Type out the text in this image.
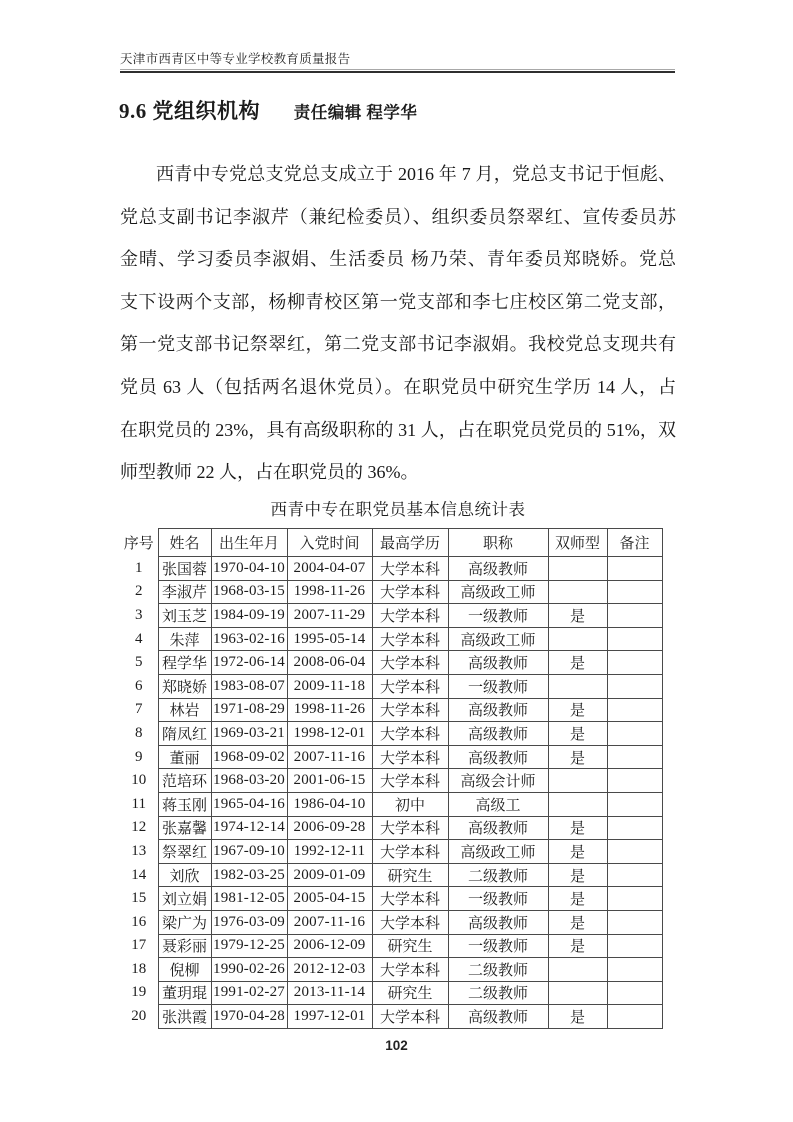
天津市西青区中等专业学校教育质量报告
9.6 党组织机构 责任编辑 程学华
西青中专党总支党总支成立于 2016 年 7 月，党总支书记于恒彪、
党总支副书记李淑芹（兼纪检委员）、组织委员祭翠红、宣传委员苏
金晴、学习委员李淑娟、生活委员 杨乃荣、青年委员郑晓娇。党总
支下设两个支部，杨柳青校区第一党支部和李七庄校区第二党支部，
第一党支部书记祭翠红，第二党支部书记李淑娟。我校党总支现共有
党员 63 人（包括两名退休党员）。在职党员中研究生学历 14 人，占
在职党员的 23%，具有高级职称的 31 人，占在职党员党员的 51%，双
师型教师 22 人，占在职党员的 36%。
西青中专在职党员基本信息统计表
序号	姓名	出生年月	入党时间	最高学历	职称	双师型	备注
1	张国蓉	1970-04-10	2004-04-07	大学本科	高级教师		
2	李淑芹	1968-03-15	1998-11-26	大学本科	高级政工师		
3	刘玉芝	1984-09-19	2007-11-29	大学本科	一级教师	是	
4	朱萍	1963-02-16	1995-05-14	大学本科	高级政工师		
5	程学华	1972-06-14	2008-06-04	大学本科	高级教师	是	
6	郑晓娇	1983-08-07	2009-11-18	大学本科	一级教师		
7	林岩	1971-08-29	1998-11-26	大学本科	高级教师	是	
8	隋凤红	1969-03-21	1998-12-01	大学本科	高级教师	是	
9	董丽	1968-09-02	2007-11-16	大学本科	高级教师	是	
10	范培环	1968-03-20	2001-06-15	大学本科	高级会计师		
11	蒋玉刚	1965-04-16	1986-04-10	初中	高级工		
12	张嘉馨	1974-12-14	2006-09-28	大学本科	高级教师	是	
13	祭翠红	1967-09-10	1992-12-11	大学本科	高级政工师	是	
14	刘欣	1982-03-25	2009-01-09	研究生	二级教师	是	
15	刘立娟	1981-12-05	2005-04-15	大学本科	一级教师	是	
16	梁广为	1976-03-09	2007-11-16	大学本科	高级教师	是	
17	聂彩丽	1979-12-25	2006-12-09	研究生	一级教师	是	
18	倪柳	1990-02-26	2012-12-03	大学本科	二级教师		
19	董玥琨	1991-02-27	2013-11-14	研究生	二级教师		
20	张洪霞	1970-04-28	1997-12-01	大学本科	高级教师	是	
102
